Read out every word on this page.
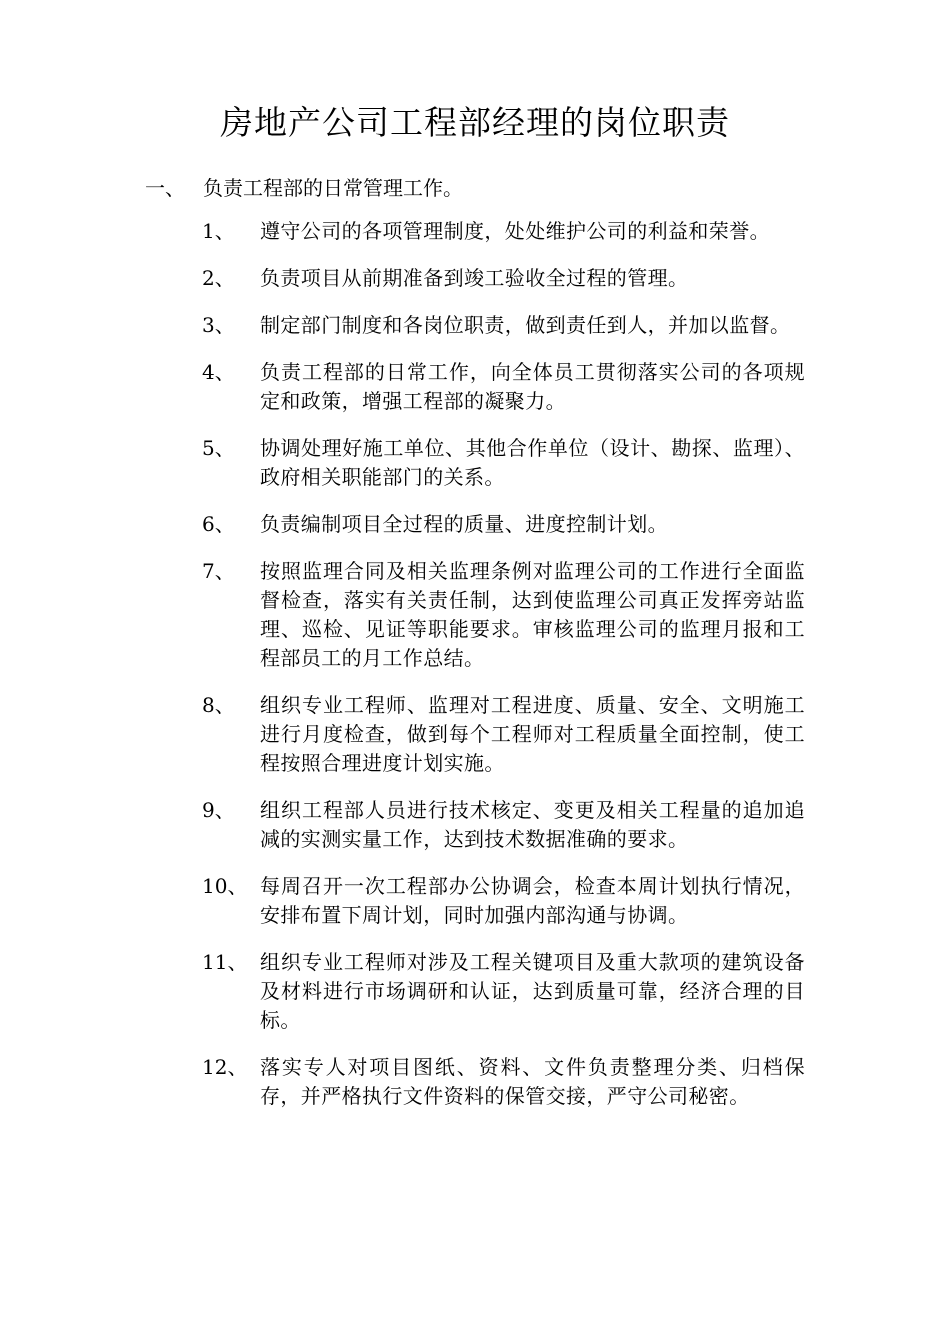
房地产公司工程部经理的岗位职责
一、 负责工程部的日常管理工作。
1、	遵守公司的各项管理制度，处处维护公司的利益和荣誉。
2、	负责项目从前期准备到竣工验收全过程的管理。
3、	制定部门制度和各岗位职责，做到责任到人，并加以监督。
4、	负责工程部的日常工作，向全体员工贯彻落实公司的各项规定和政策，增强工程部的凝聚力。
5、	协调处理好施工单位、其他合作单位（设计、勘探、监理）、政府相关职能部门的关系。
6、	负责编制项目全过程的质量、进度控制计划。
7、	按照监理合同及相关监理条例对监理公司的工作进行全面监督检查，落实有关责任制，达到使监理公司真正发挥旁站监理、巡检、见证等职能要求。审核监理公司的监理月报和工程部员工的月工作总结。
8、	组织专业工程师、监理对工程进度、质量、安全、文明施工进行月度检查，做到每个工程师对工程质量全面控制，使工程按照合理进度计划实施。
9、	组织工程部人员进行技术核定、变更及相关工程量的追加追减的实测实量工作，达到技术数据准确的要求。
10、 每周召开一次工程部办公协调会，检查本周计划执行情况，安排布置下周计划，同时加强内部沟通与协调。
11、 组织专业工程师对涉及工程关键项目及重大款项的建筑设备及材料进行市场调研和认证，达到质量可靠，经济合理的目标。
12、 落实专人对项目图纸、资料、文件负责整理分类、归档保存，并严格执行文件资料的保管交接，严守公司秘密。
